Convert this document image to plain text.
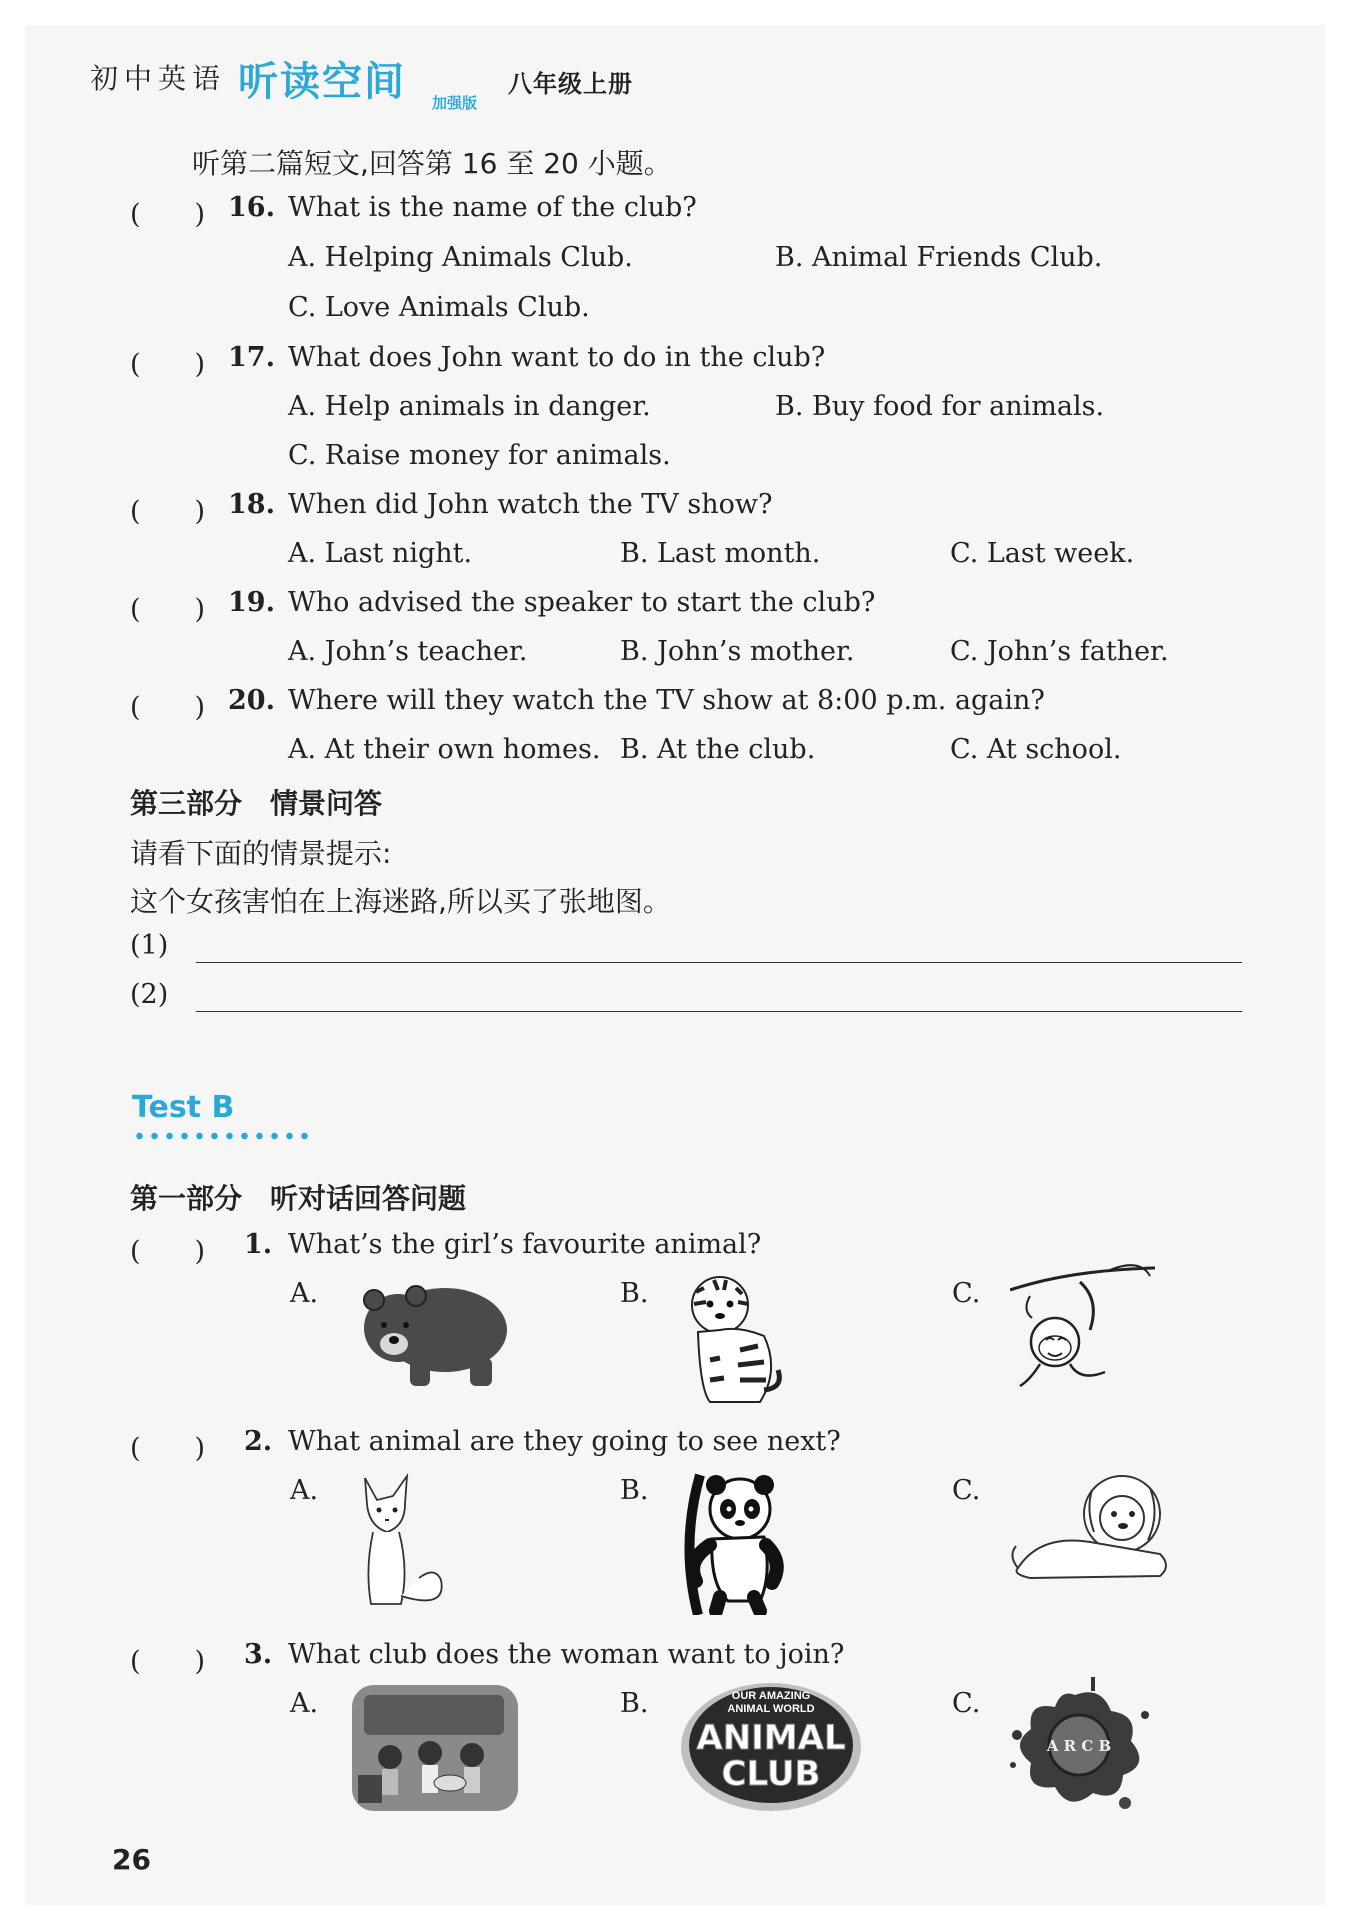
初中英语 听读空间 加强版
八年级上册
听第二篇短文,回答第 16 至 20 小题。
(　　) 16. What is the name of the club?
A. Helping Animals Club.	B. Animal Friends Club.
C. Love Animals Club.
(　　) 17. What does John want to do in the club?
A. Help animals in danger.	B. Buy food for animals.
C. Raise money for animals.
(　　) 18. When did John watch the TV show?
A. Last night.	B. Last month.	C. Last week.
(　　) 19. Who advised the speaker to start the club?
A. John’s teacher.	B. John’s mother.	C. John’s father.
(　　) 20. Where will they watch the TV show at 8:00 p.m. again?
A. At their own homes. B. At the club.	C. At school.
第三部分　情景问答
请看下面的情景提示:
这个女孩害怕在上海迷路,所以买了张地图。
(1)
(2)
Test B
第一部分　听对话回答问题
(　　) 1. What’s the girl’s favourite animal?
A.	B.	C.
(　　) 2. What animal are they going to see next?
A.	B.	C.
(　　) 3. What club does the woman want to join?
A.	B.	C.
OUR AMAZING
ANIMAL WORLD
ANIMAL
CLUB
A R C B
26
